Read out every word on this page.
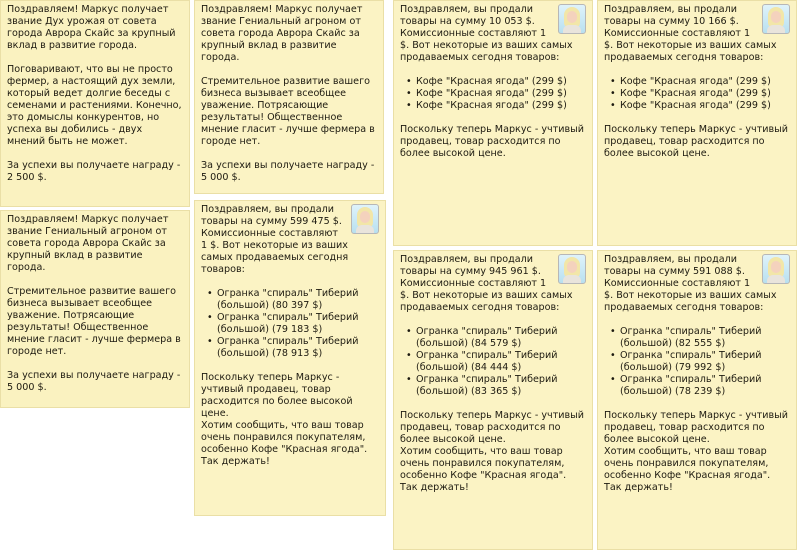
Поздравляем! Маркус получает звание Дух урожая от совета города Аврора Скайс за крупный вклад в развитие города.

Поговаривают, что вы не просто фермер, а настоящий дух земли, который ведет долгие беседы с семенами и растениями. Конечно, это домыслы конкурентов, но успеха вы добились - двух мнений быть не может.

За успехи вы получаете награду - 2 500 $.

Поздравляем! Маркус получает звание Гениальный агроном от совета города Аврора Скайс за крупный вклад в развитие города.

Стремительное развитие вашего бизнеса вызывает всеобщее уважение. Потрясающие результаты! Общественное мнение гласит - лучше фермера в городе нет.

За успехи вы получаете награду - 5 000 $.

Поздравляем! Маркус получает звание Гениальный агроном от совета города Аврора Скайс за крупный вклад в развитие города.

Стремительное развитие вашего бизнеса вызывает всеобщее уважение. Потрясающие результаты! Общественное мнение гласит - лучше фермера в городе нет.

За успехи вы получаете награду - 5 000 $.

Поздравляем, вы продали товары на сумму 599 475 $. Комиссионные составляют 1 $. Вот некоторые из ваших самых продаваемых сегодня товаров:

• Огранка "спираль" Тиберий (большой) (80 397 $)
• Огранка "спираль" Тиберий (большой) (79 183 $)
• Огранка "спираль" Тиберий (большой) (78 913 $)

Поскольку теперь Маркус - учтивый продавец, товар расходится по более высокой цене.
Хотим сообщить, что ваш товар очень понравился покупателям, особенно Кофе "Красная ягода". Так держать!

Поздравляем, вы продали товары на сумму 10 053 $. Комиссионные составляют 1 $. Вот некоторые из ваших самых продаваемых сегодня товаров:

• Кофе "Красная ягода" (299 $)
• Кофе "Красная ягода" (299 $)
• Кофе "Красная ягода" (299 $)

Поскольку теперь Маркус - учтивый продавец, товар расходится по более высокой цене.

Поздравляем, вы продали товары на сумму 945 961 $. Комиссионные составляют 1 $. Вот некоторые из ваших самых продаваемых сегодня товаров:

• Огранка "спираль" Тиберий (большой) (84 579 $)
• Огранка "спираль" Тиберий (большой) (84 444 $)
• Огранка "спираль" Тиберий (большой) (83 365 $)

Поскольку теперь Маркус - учтивый продавец, товар расходится по более высокой цене.
Хотим сообщить, что ваш товар очень понравился покупателям, особенно Кофе "Красная ягода". Так держать!

Поздравляем, вы продали товары на сумму 10 166 $. Комиссионные составляют 1 $. Вот некоторые из ваших самых продаваемых сегодня товаров:

• Кофе "Красная ягода" (299 $)
• Кофе "Красная ягода" (299 $)
• Кофе "Красная ягода" (299 $)

Поскольку теперь Маркус - учтивый продавец, товар расходится по более высокой цене.

Поздравляем, вы продали товары на сумму 591 088 $. Комиссионные составляют 1 $. Вот некоторые из ваших самых продаваемых сегодня товаров:

• Огранка "спираль" Тиберий (большой) (82 555 $)
• Огранка "спираль" Тиберий (большой) (79 992 $)
• Огранка "спираль" Тиберий (большой) (78 239 $)

Поскольку теперь Маркус - учтивый продавец, товар расходится по более высокой цене.
Хотим сообщить, что ваш товар очень понравился покупателям, особенно Кофе "Красная ягода". Так держать!
